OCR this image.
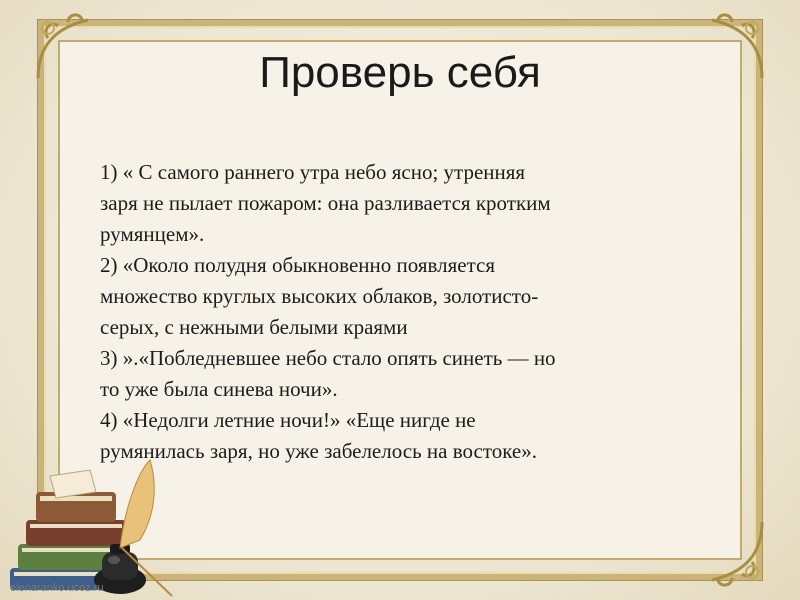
Проверь себя

1) « С самого раннего утра небо ясно; утренняя

заря не пылает пожаром: она разливается кротким

румянцем».

2) «Около полудня обыкновенно появляется

множество круглых высоких облаков, золотисто-

серых, с нежными белыми краями

3) ».«Побледневшее небо стало опять синеть — но

то уже была синева ночи».

4) «Недолги летние ночи!» «Еще нигде не

румянилась заря, но уже забелелось на востоке».

elenaranko.ucoz.ru
